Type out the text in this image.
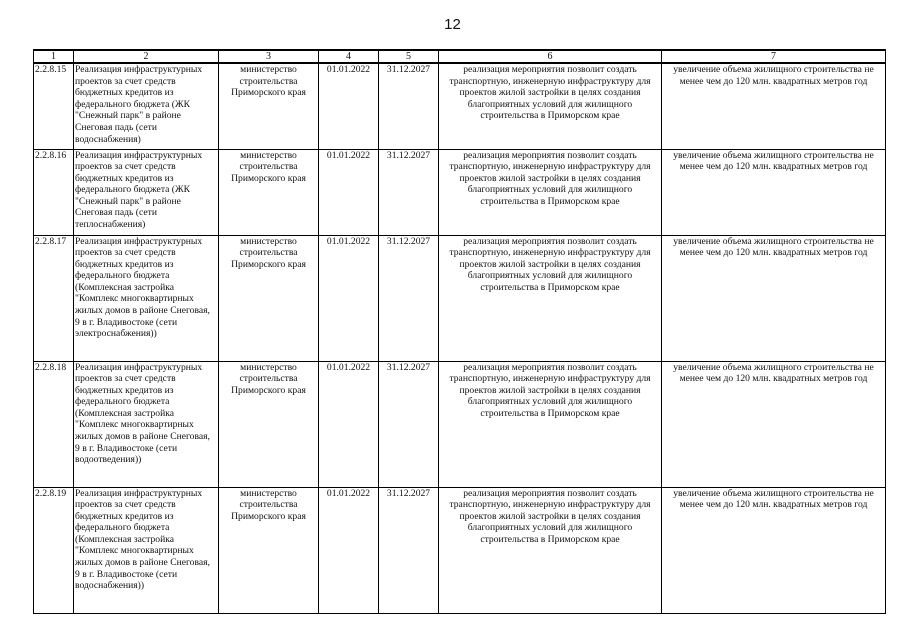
12
1	2	3	4	5	6	7
2.2.8.15	Реализация инфраструктурных проектов за счет средств бюджетных кредитов из федерального бюджета (ЖК "Снежный парк" в районе Снеговая падь (сети водоснабжения)	министерство строительства Приморского края	01.01.2022	31.12.2027	реализация мероприятия позволит создать транспортную, инженерную инфраструктуру для проектов жилой застройки в целях создания благоприятных условий для жилищного строительства в Приморском крае	увеличение объема жилищного строительства не менее чем до 120 млн. квадратных метров год
2.2.8.16	Реализация инфраструктурных проектов за счет средств бюджетных кредитов из федерального бюджета (ЖК "Снежный парк" в районе Снеговая падь (сети теплоснабжения)	министерство строительства Приморского края	01.01.2022	31.12.2027	реализация мероприятия позволит создать транспортную, инженерную инфраструктуру для проектов жилой застройки в целях создания благоприятных условий для жилищного строительства в Приморском крае	увеличение объема жилищного строительства не менее чем до 120 млн. квадратных метров год
2.2.8.17	Реализация инфраструктурных проектов за счет средств бюджетных кредитов из федерального бюджета (Комплексная застройка "Комплекс многоквартирных жилых домов в районе Снеговая, 9 в г. Владивостоке (сети электроснабжения))	министерство строительства Приморского края	01.01.2022	31.12.2027	реализация мероприятия позволит создать транспортную, инженерную инфраструктуру для проектов жилой застройки в целях создания благоприятных условий для жилищного строительства в Приморском крае	увеличение объема жилищного строительства не менее чем до 120 млн. квадратных метров год
2.2.8.18	Реализация инфраструктурных проектов за счет средств бюджетных кредитов из федерального бюджета (Комплексная застройка "Комплекс многоквартирных жилых домов в районе Снеговая, 9 в г. Владивостоке (сети водоотведения))	министерство строительства Приморского края	01.01.2022	31.12.2027	реализация мероприятия позволит создать транспортную, инженерную инфраструктуру для проектов жилой застройки в целях создания благоприятных условий для жилищного строительства в Приморском крае	увеличение объема жилищного строительства не менее чем до 120 млн. квадратных метров год
2.2.8.19	Реализация инфраструктурных проектов за счет средств бюджетных кредитов из федерального бюджета (Комплексная застройка "Комплекс многоквартирных жилых домов в районе Снеговая, 9 в г. Владивостоке (сети водоснабжения))	министерство строительства Приморского края	01.01.2022	31.12.2027	реализация мероприятия позволит создать транспортную, инженерную инфраструктуру для проектов жилой застройки в целях создания благоприятных условий для жилищного строительства в Приморском крае	увеличение объема жилищного строительства не менее чем до 120 млн. квадратных метров год
